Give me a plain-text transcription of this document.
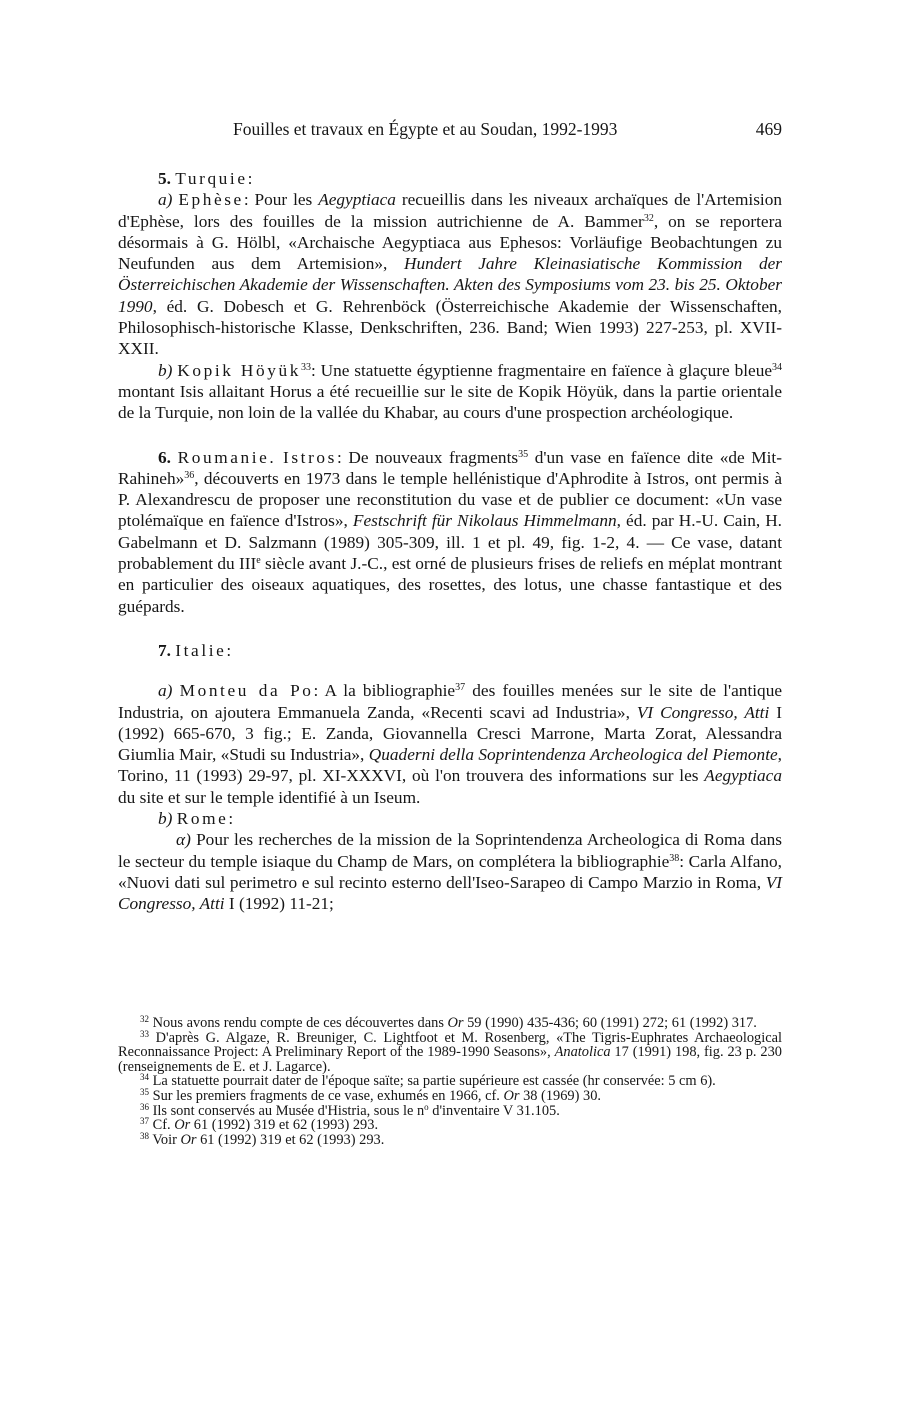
Fouilles et travaux en Égypte et au Soudan, 1992-1993	469

5. Turquie:

a) Ephèse: Pour les Aegyptiaca recueillis dans les niveaux archaïques de l'Artemision d'Ephèse, lors des fouilles de la mission autrichienne de A. Bammer$^{32}$, on se reportera désormais à G. Hölbl, «Archaische Aegyptiaca aus Ephesos: Vorläufige Beobachtungen zu Neufunden aus dem Artemision», Hundert Jahre Kleinasiatische Kommission der Österreichischen Akademie der Wissenschaften. Akten des Symposiums vom 23. bis 25. Oktober 1990, éd. G. Dobesch et G. Rehrenböck (Österreichische Akademie der Wissenschaften, Philosophisch-historische Klasse, Denkschriften, 236. Band; Wien 1993) 227-253, pl. XVII-XXII.

b) Kopik Höyük$^{33}$: Une statuette égyptienne fragmentaire en faïence à glaçure bleue$^{34}$ montant Isis allaitant Horus a été recueillie sur le site de Kopik Höyük, dans la partie orientale de la Turquie, non loin de la vallée du Khabar, au cours d'une prospection archéologique.

6. Roumanie. Istros: De nouveaux fragments$^{35}$ d'un vase en faïence dite «de Mit-Rahineh»$^{36}$, découverts en 1973 dans le temple hellénistique d'Aphrodite à Istros, ont permis à P. Alexandrescu de proposer une reconstitution du vase et de publier ce document: «Un vase ptolémaïque en faïence d'Istros», Festschrift für Nikolaus Himmelmann, éd. par H.-U. Cain, H. Gabelmann et D. Salzmann (1989) 305-309, ill. 1 et pl. 49, fig. 1-2, 4. — Ce vase, datant probablement du IIIe siècle avant J.-C., est orné de plusieurs frises de reliefs en méplat montrant en particulier des oiseaux aquatiques, des rosettes, des lotus, une chasse fantastique et des guépards.

7. Italie:

a) Monteu da Po: A la bibliographie$^{37}$ des fouilles menées sur le site de l'antique Industria, on ajoutera Emmanuela Zanda, «Recenti scavi ad Industria», VI Congresso, Atti I (1992) 665-670, 3 fig.; E. Zanda, Giovannella Cresci Marrone, Marta Zorat, Alessandra Giumlia Mair, «Studi su Industria», Quaderni della Soprintendenza Archeologica del Piemonte, Torino, 11 (1993) 29-97, pl. XI-XXXVI, où l'on trouvera des informations sur les Aegyptiaca du site et sur le temple identifié à un Iseum.

b) Rome:

α) Pour les recherches de la mission de la Soprintendenza Archeologica di Roma dans le secteur du temple isiaque du Champ de Mars, on complétera la bibliographie$^{38}$: Carla Alfano, «Nuovi dati sul perimetro e sul recinto esterno dell'Iseo-Sarapeo di Campo Marzio in Roma, VI Congresso, Atti I (1992) 11-21;

$^{32}$ Nous avons rendu compte de ces découvertes dans Or 59 (1990) 435-436; 60 (1991) 272; 61 (1992) 317.

$^{33}$ D'après G. Algaze, R. Breuniger, C. Lightfoot et M. Rosenberg, «The Tigris-Euphrates Archaeological Reconnaissance Project: A Preliminary Report of the 1989-1990 Seasons», Anatolica 17 (1991) 198, fig. 23 p. 230 (renseignements de E. et J. Lagarce).

$^{34}$ La statuette pourrait dater de l'époque saïte; sa partie supérieure est cassée (hr conservée: 5 cm 6).

$^{35}$ Sur les premiers fragments de ce vase, exhumés en 1966, cf. Or 38 (1969) 30.

$^{36}$ Ils sont conservés au Musée d'Histria, sous le $n^o$ d'inventaire V 31.105.

$^{37}$ Cf. Or 61 (1992) 319 et 62 (1993) 293.

$^{38}$ Voir Or 61 (1992) 319 et 62 (1993) 293.
